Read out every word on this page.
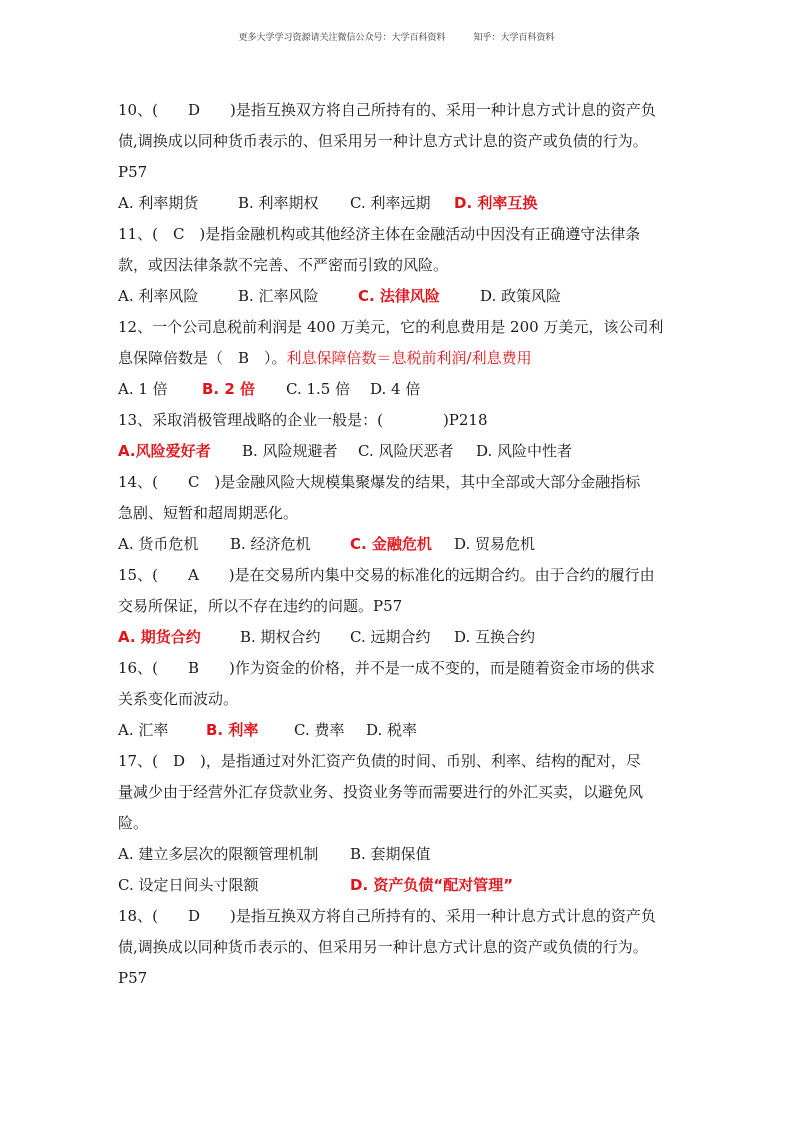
更多大学学习资源请关注微信公众号：大学百科资料	知乎：大学百科资料
10、(　　D　　)是指互换双方将自己所持有的、采用一种计息方式计息的资产负
债,调换成以同种货币表示的、但采用另一种计息方式计息的资产或负债的行为。
P57
A. 利率期货	B. 利率期权 C. 利率远期 D. 利率互换
11、(　C　)是指金融机构或其他经济主体在金融活动中因没有正确遵守法律条
款，或因法律条款不完善、不严密而引致的风险。
A. 利率风险	B. 汇率风险	C. 法律风险	D. 政策风险
12、一个公司息税前利润是 400 万美元，它的利息费用是 200 万美元，该公司利
息保障倍数是（　B　）。利息保障倍数＝息税前利润/利息费用
A. 1 倍 B. 2 倍 C. 1.5 倍 D. 4 倍
13、采取消极管理战略的企业一般是：(　　　　)P218
A.风险爱好者 B. 风险规避者 C. 风险厌恶者 D. 风险中性者
14、(　　C　)是金融风险大规模集聚爆发的结果，其中全部或大部分金融指标
急剧、短暂和超周期恶化。
A. 货币危机 B. 经济危机	C. 金融危机 D. 贸易危机
15、(　　A　　)是在交易所内集中交易的标准化的远期合约。由于合约的履行由
交易所保证，所以不存在违约的问题。P57
A. 期货合约	B. 期权合约 C. 远期合约 D. 互换合约
16、(　　B　　)作为资金的价格，并不是一成不变的，而是随着资金市场的供求
关系变化而波动。
A. 汇率	B. 利率 C. 费率 D. 税率
17、(　D　)，是指通过对外汇资产负债的时间、币别、利率、结构的配对，尽
量减少由于经营外汇存贷款业务、投资业务等而需要进行的外汇买卖，以避免风
险。
A. 建立多层次的限额管理机制 B. 套期保值
C. 设定日间头寸限额	D. 资产负债“配对管理”
18、(　　D　　)是指互换双方将自己所持有的、采用一种计息方式计息的资产负
债,调换成以同种货币表示的、但采用另一种计息方式计息的资产或负债的行为。
P57
